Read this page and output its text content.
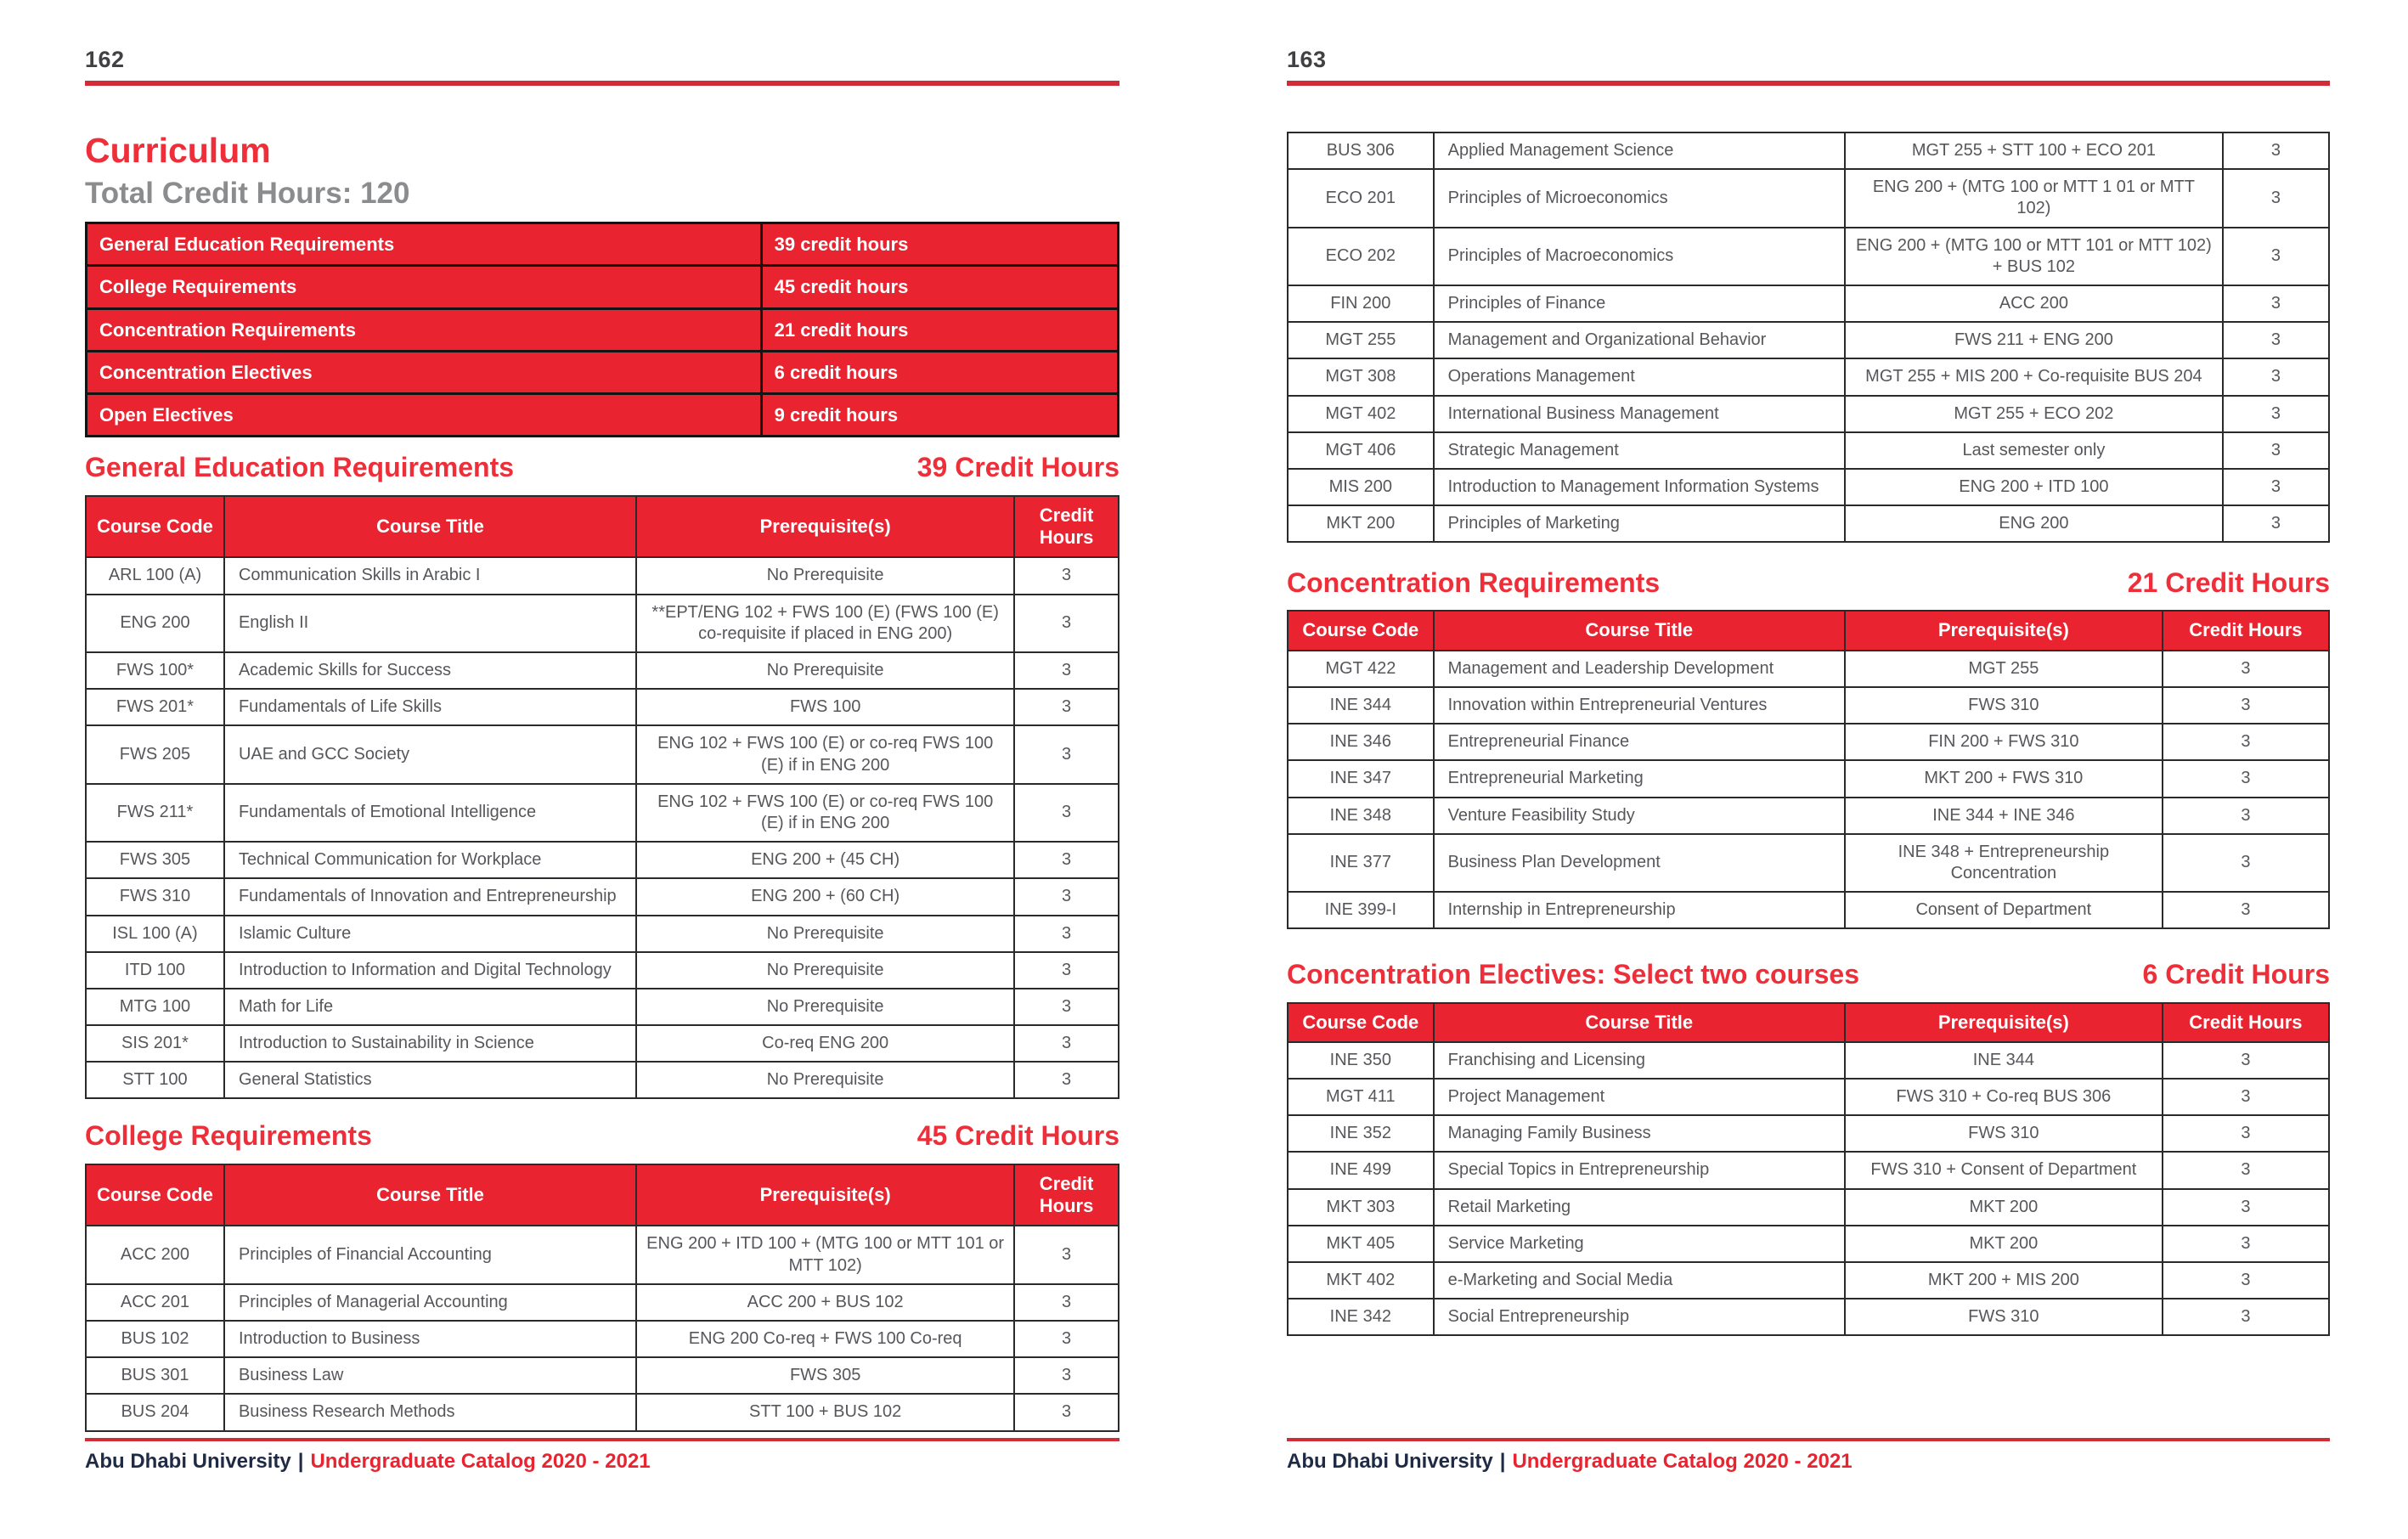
162
Curriculum
Total Credit Hours: 120
General Education Requirements	39 credit hours
College Requirements	45 credit hours
Concentration Requirements	21 credit hours
Concentration Electives	6 credit hours
Open Electives	9 credit hours
General Education Requirements	39 Credit Hours
Course Code	Course Title	Prerequisite(s)	Credit Hours
ARL 100 (A)	Communication Skills in Arabic I	No Prerequisite	3
ENG 200	English II	**EPT/ENG 102 + FWS 100 (E) (FWS 100 (E) co-requisite if placed in ENG 200)	3
FWS 100*	Academic Skills for Success	No Prerequisite	3
FWS 201*	Fundamentals of Life Skills	FWS 100	3
FWS 205	UAE and GCC Society	ENG 102 + FWS 100 (E) or co-req FWS 100 (E) if in ENG 200	3
FWS 211*	Fundamentals of Emotional Intelligence	ENG 102 + FWS 100 (E) or co-req FWS 100 (E) if in ENG 200	3
FWS 305	Technical Communication for Workplace	ENG 200 + (45 CH)	3
FWS 310	Fundamentals of Innovation and Entrepreneurship	ENG 200 + (60 CH)	3
ISL 100 (A)	Islamic Culture	No Prerequisite	3
ITD 100	Introduction to Information and Digital Technology	No Prerequisite	3
MTG 100	Math for Life	No Prerequisite	3
SIS 201*	Introduction to Sustainability in Science	Co-req ENG 200	3
STT 100	General Statistics	No Prerequisite	3
College Requirements	45 Credit Hours
Course Code	Course Title	Prerequisite(s)	Credit Hours
ACC 200	Principles of Financial Accounting	ENG 200 + ITD 100 + (MTG 100 or MTT 101 or MTT 102)	3
ACC 201	Principles of Managerial Accounting	ACC 200 + BUS 102	3
BUS 102	Introduction to Business	ENG 200 Co-req + FWS 100 Co-req	3
BUS 301	Business Law	FWS 305	3
BUS 204	Business Research Methods	STT 100 + BUS 102	3
163
BUS 306	Applied Management Science	MGT 255 + STT 100 + ECO 201	3
ECO 201	Principles of Microeconomics	ENG 200 + (MTG 100 or MTT 1 01 or MTT 102)	3
ECO 202	Principles of Macroeconomics	ENG 200 + (MTG 100 or MTT 101 or MTT 102) + BUS 102	3
FIN 200	Principles of Finance	ACC 200	3
MGT 255	Management and Organizational Behavior	FWS 211 + ENG 200	3
MGT 308	Operations Management	MGT 255 + MIS 200 + Co-requisite BUS 204	3
MGT 402	International Business Management	MGT 255 + ECO 202	3
MGT 406	Strategic Management	Last semester only	3
MIS 200	Introduction to Management Information Systems	ENG 200 + ITD 100	3
MKT 200	Principles of Marketing	ENG 200	3
Concentration Requirements	21 Credit Hours
Course Code	Course Title	Prerequisite(s)	Credit Hours
MGT 422	Management and Leadership Development	MGT 255	3
INE 344	Innovation within Entrepreneurial Ventures	FWS 310	3
INE 346	Entrepreneurial Finance	FIN 200 + FWS 310	3
INE 347	Entrepreneurial Marketing	MKT 200 + FWS 310	3
INE 348	Venture Feasibility Study	INE 344 + INE 346	3
INE 377	Business Plan Development	INE 348 + Entrepreneurship Concentration	3
INE 399-I	Internship in Entrepreneurship	Consent of Department	3
Concentration Electives: Select two courses	6 Credit Hours
Course Code	Course Title	Prerequisite(s)	Credit Hours
INE 350	Franchising and Licensing	INE 344	3
MGT 411	Project Management	FWS 310 + Co-req BUS 306	3
INE 352	Managing Family Business	FWS 310	3
INE 499	Special Topics in Entrepreneurship	FWS 310 + Consent of Department	3
MKT 303	Retail Marketing	MKT 200	3
MKT 405	Service Marketing	MKT 200	3
MKT 402	e-Marketing and Social Media	MKT 200 + MIS 200	3
INE 342	Social Entrepreneurship	FWS 310	3
Abu Dhabi University | Undergraduate Catalog 2020 - 2021	Abu Dhabi University | Undergraduate Catalog 2020 - 2021
